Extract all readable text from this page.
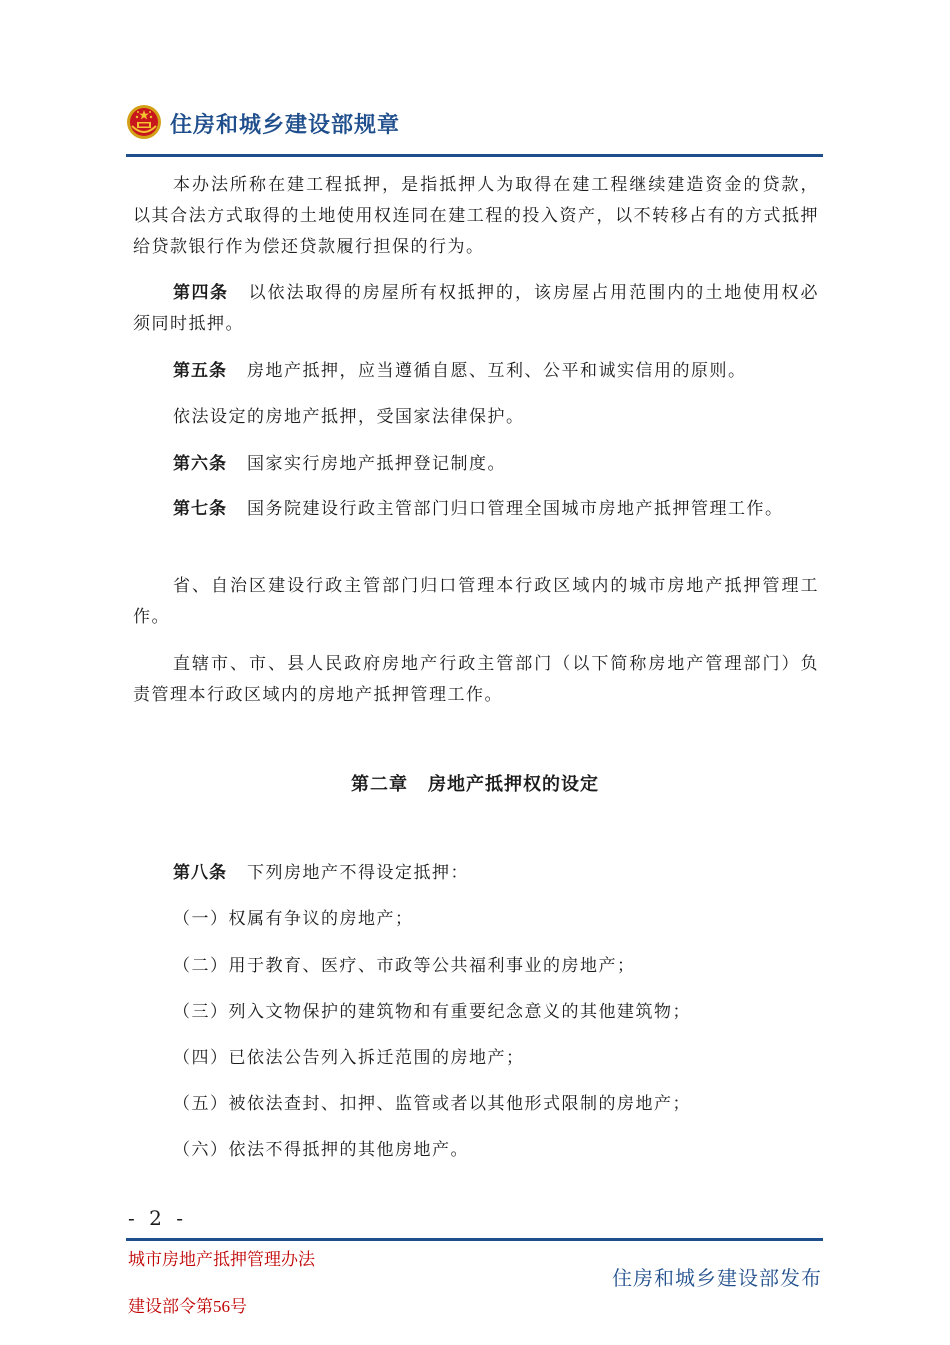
住房和城乡建设部规章
本办法所称在建工程抵押，是指抵押人为取得在建工程继续建造资金的贷款，以其合法方式取得的土地使用权连同在建工程的投入资产，以不转移占有的方式抵押给贷款银行作为偿还贷款履行担保的行为。
第四条 以依法取得的房屋所有权抵押的，该房屋占用范围内的土地使用权必须同时抵押。
第五条 房地产抵押，应当遵循自愿、互利、公平和诚实信用的原则。
依法设定的房地产抵押，受国家法律保护。
第六条 国家实行房地产抵押登记制度。
第七条 国务院建设行政主管部门归口管理全国城市房地产抵押管理工作。
省、自治区建设行政主管部门归口管理本行政区域内的城市房地产抵押管理工作。
直辖市、市、县人民政府房地产行政主管部门（以下简称房地产管理部门）负责管理本行政区域内的房地产抵押管理工作。
第二章 房地产抵押权的设定
第八条 下列房地产不得设定抵押：
（一）权属有争议的房地产；
（二）用于教育、医疗、市政等公共福利事业的房地产；
（三）列入文物保护的建筑物和有重要纪念意义的其他建筑物；
（四）已依法公告列入拆迁范围的房地产；
（五）被依法查封、扣押、监管或者以其他形式限制的房地产；
（六）依法不得抵押的其他房地产。
- 2 -
城市房地产抵押管理办法
建设部令第56号
住房和城乡建设部发布
